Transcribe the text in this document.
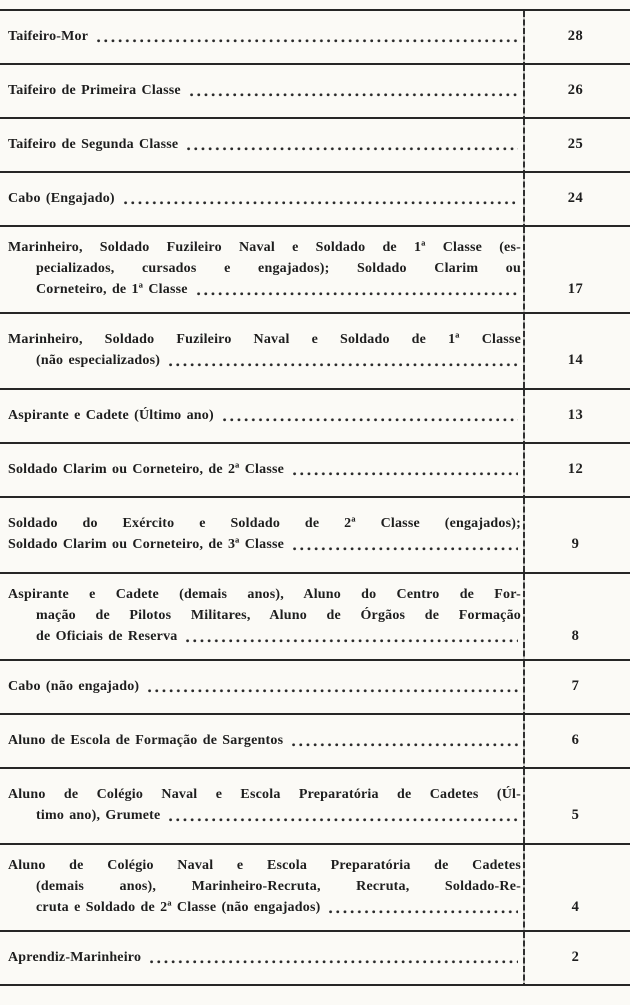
Taifeiro-Mor	28
Taifeiro de Primeira Classe	26
Taifeiro de Segunda Classe	25
Cabo (Engajado)	24
Marinheiro, Soldado Fuzileiro Naval e Soldado de 1ª Classe (es-
pecializados, cursados e engajados); Soldado Clarim ou
Corneteiro, de 1ª Classe	17
Marinheiro, Soldado Fuzileiro Naval e Soldado de 1ª Classe
(não especializados)	14
Aspirante e Cadete (Último ano)	13
Soldado Clarim ou Corneteiro, de 2ª Classe	12
Soldado do Exército e Soldado de 2ª Classe (engajados);
Soldado Clarim ou Corneteiro, de 3ª Classe	9
Aspirante e Cadete (demais anos), Aluno do Centro de For-
mação de Pilotos Militares, Aluno de Órgãos de Formação
de Oficiais de Reserva	8
Cabo (não engajado)	7
Aluno de Escola de Formação de Sargentos	6
Aluno de Colégio Naval e Escola Preparatória de Cadetes (Úl-
timo ano), Grumete	5
Aluno de Colégio Naval e Escola Preparatória de Cadetes
(demais anos), Marinheiro-Recruta, Recruta, Soldado-Re-
cruta e Soldado de 2ª Classe (não engajados)	4
Aprendiz-Marinheiro	2
